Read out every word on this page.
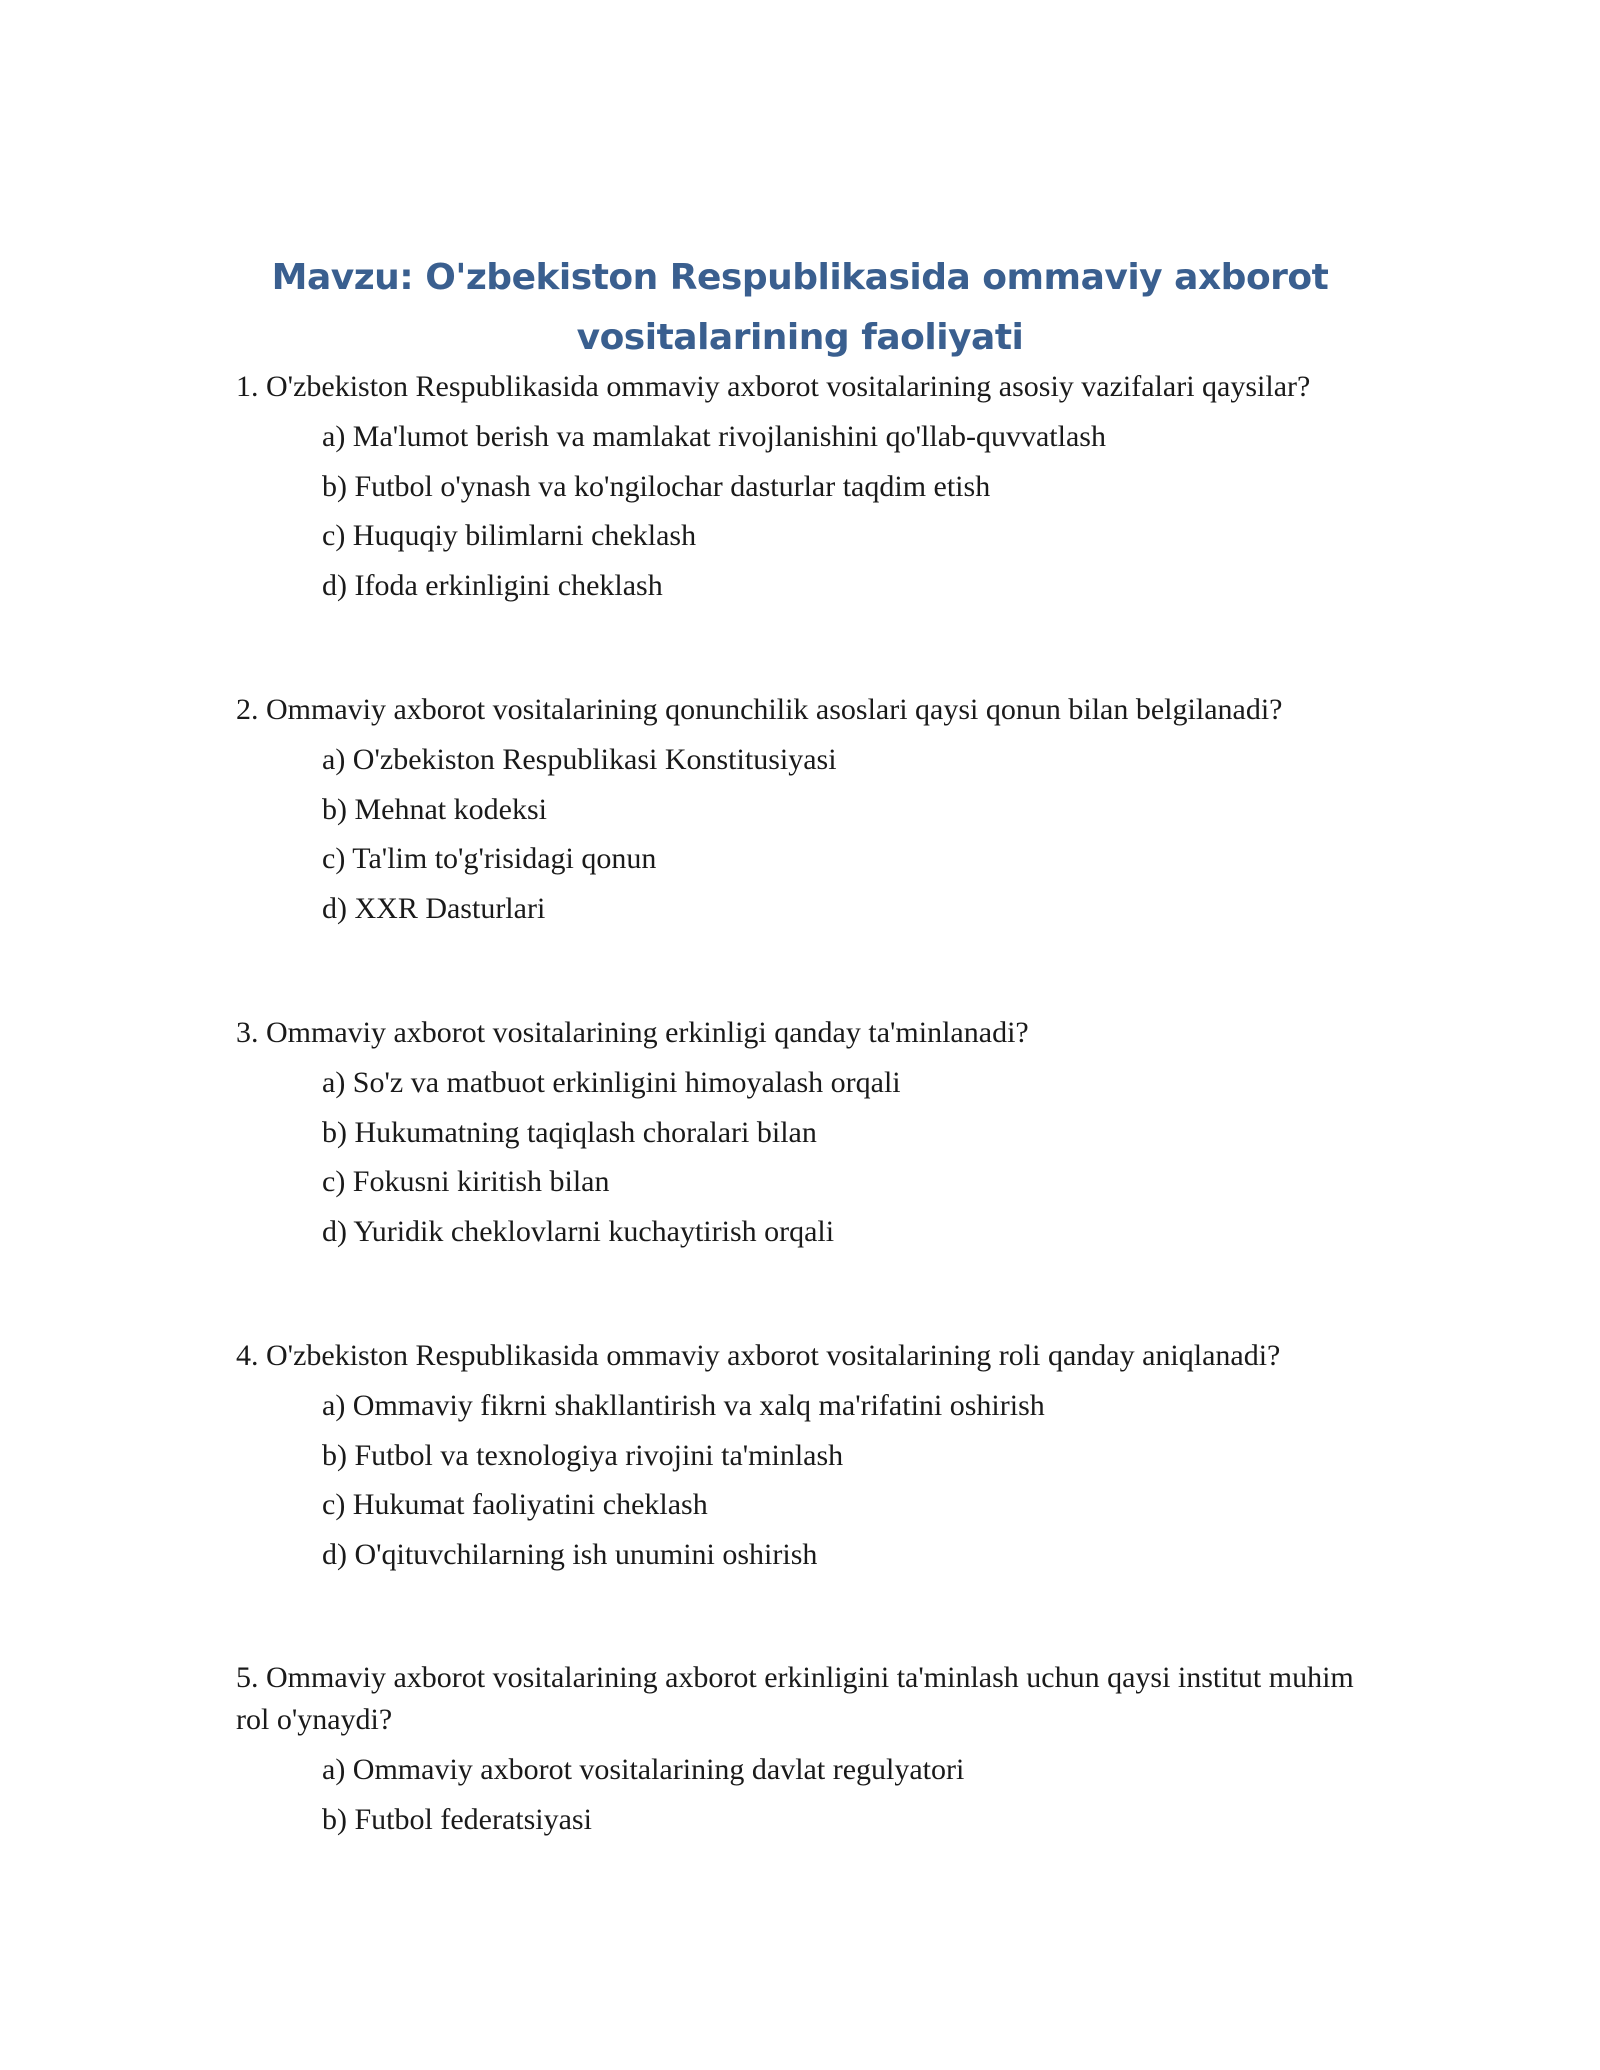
Mavzu: O'zbekiston Respublikasida ommaviy axborot
vositalarining faoliyati

1. O'zbekiston Respublikasida ommaviy axborot vositalarining asosiy vazifalari qaysilar?

a) Ma'lumot berish va mamlakat rivojlanishini qo'llab-quvvatlash
b) Futbol o'ynash va ko'ngilochar dasturlar taqdim etish
c) Huquqiy bilimlarni cheklash
d) Ifoda erkinligini cheklash

2. Ommaviy axborot vositalarining qonunchilik asoslari qaysi qonun bilan belgilanadi?

a) O'zbekiston Respublikasi Konstitusiyasi
b) Mehnat kodeksi
c) Ta'lim to'g'risidagi qonun
d) XXR Dasturlari

3. Ommaviy axborot vositalarining erkinligi qanday ta'minlanadi?

a) So'z va matbuot erkinligini himoyalash orqali
b) Hukumatning taqiqlash choralari bilan
c) Fokusni kiritish bilan
d) Yuridik cheklovlarni kuchaytirish orqali

4. O'zbekiston Respublikasida ommaviy axborot vositalarining roli qanday aniqlanadi?

a) Ommaviy fikrni shakllantirish va xalq ma'rifatini oshirish
b) Futbol va texnologiya rivojini ta'minlash
c) Hukumat faoliyatini cheklash
d) O'qituvchilarning ish unumini oshirish

5. Ommaviy axborot vositalarining axborot erkinligini ta'minlash uchun qaysi institut muhim rol o'ynaydi?

a) Ommaviy axborot vositalarining davlat regulyatori
b) Futbol federatsiyasi
